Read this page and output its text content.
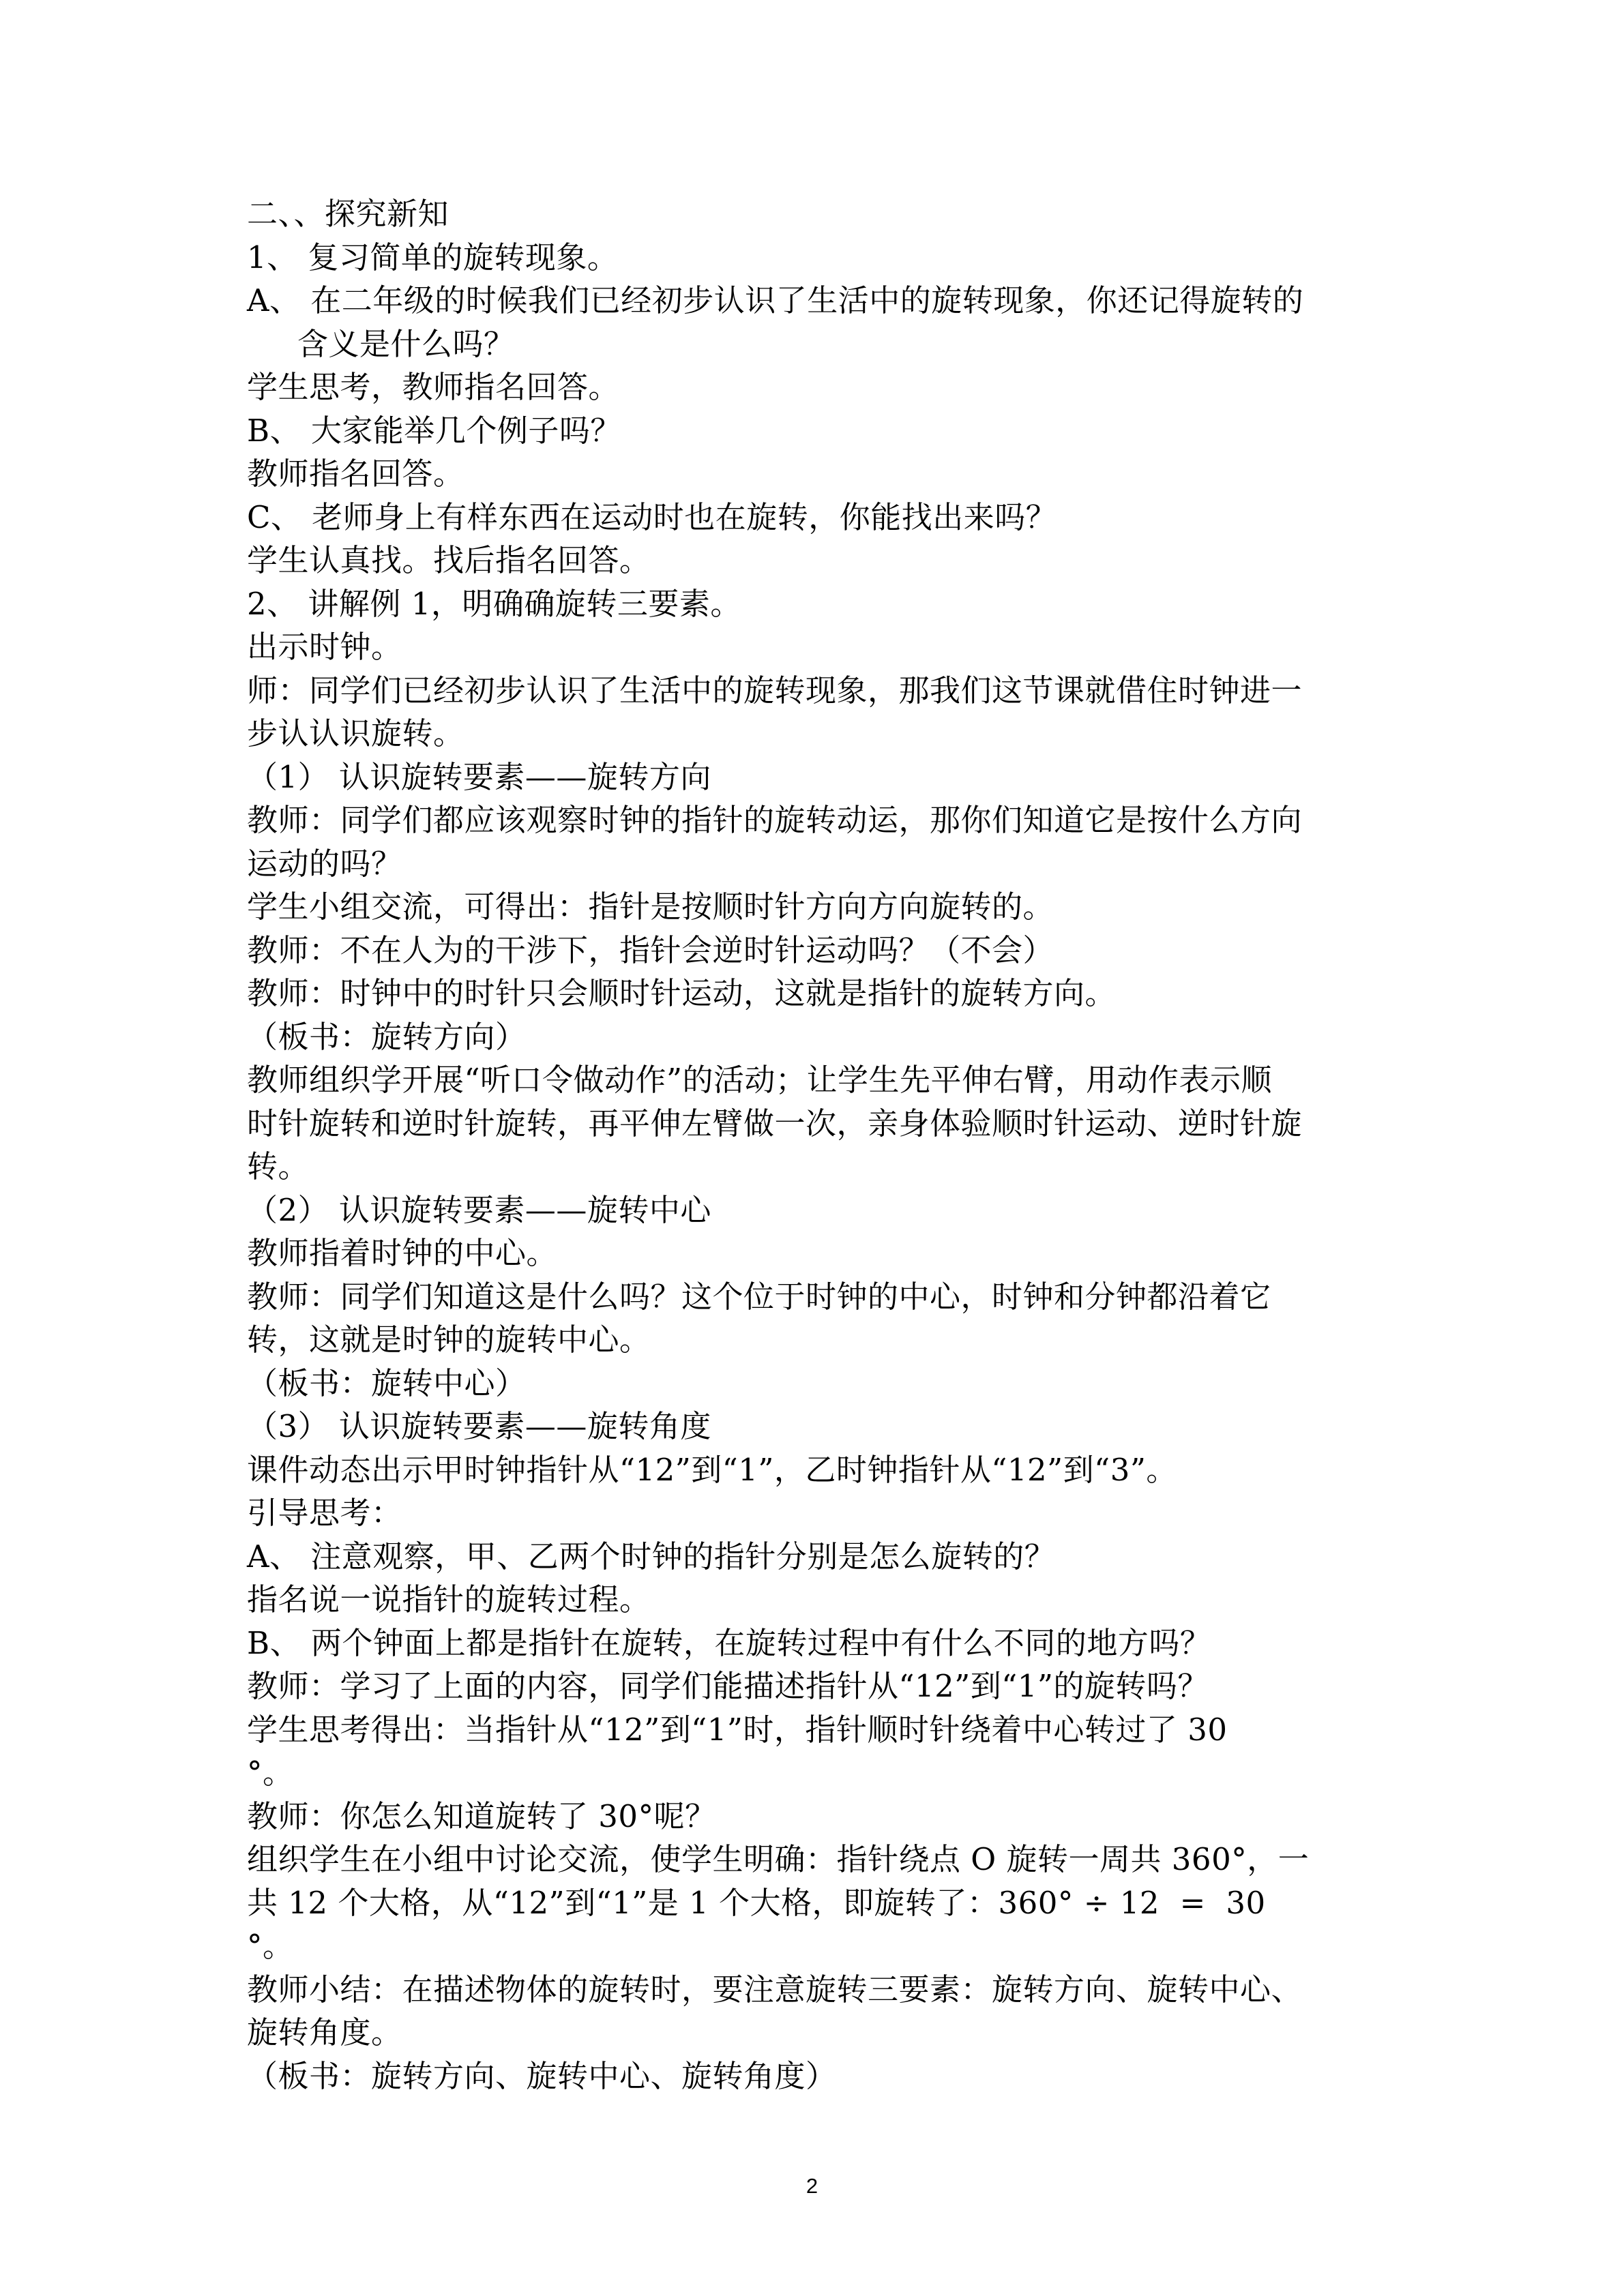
二、、探究新知

1、 复习简单的旋转现象。

A、 在二年级的时候我们已经初步认识了生活中的旋转现象，你还记得旋转的

含义是什么吗？

学生思考，教师指名回答。

B、 大家能举几个例子吗？

教师指名回答。

C、 老师身上有样东西在运动时也在旋转，你能找出来吗？

学生认真找。找后指名回答。

2、 讲解例 1，明确确旋转三要素。

出示时钟。

师：同学们已经初步认识了生活中的旋转现象，那我们这节课就借住时钟进一

步认认识旋转。

（1） 认识旋转要素——旋转方向

教师：同学们都应该观察时钟的指针的旋转动运，那你们知道它是按什么方向

运动的吗？

学生小组交流，可得出：指针是按顺时针方向方向旋转的。

教师：不在人为的干涉下，指针会逆时针运动吗？（不会）

教师：时钟中的时针只会顺时针运动，这就是指针的旋转方向。

（板书：旋转方向）

教师组织学开展“听口令做动作”的活动；让学生先平伸右臂，用动作表示顺

时针旋转和逆时针旋转，再平伸左臂做一次，亲身体验顺时针运动、逆时针旋

转。

（2） 认识旋转要素——旋转中心

教师指着时钟的中心。

教师：同学们知道这是什么吗？这个位于时钟的中心，时钟和分钟都沿着它

转，这就是时钟的旋转中心。

（板书：旋转中心）

（3） 认识旋转要素——旋转角度

课件动态出示甲时钟指针从“12”到“1”，乙时钟指针从“12”到“3”。

引导思考：

A、 注意观察，甲、乙两个时钟的指针分别是怎么旋转的？

指名说一说指针的旋转过程。

B、 两个钟面上都是指针在旋转，在旋转过程中有什么不同的地方吗？

教师：学习了上面的内容，同学们能描述指针从“12”到“1”的旋转吗？

学生思考得出：当指针从“12”到“1”时，指针顺时针绕着中心转过了 30

°。

教师：你怎么知道旋转了 30°呢？

组织学生在小组中讨论交流，使学生明确：指针绕点 O 旋转一周共 360°，一

共 12 个大格，从“12”到“1”是 1 个大格，即旋转了：360° ÷ 12  =  30

°。

教师小结：在描述物体的旋转时，要注意旋转三要素：旋转方向、旋转中心、

旋转角度。

（板书：旋转方向、旋转中心、旋转角度）

2
